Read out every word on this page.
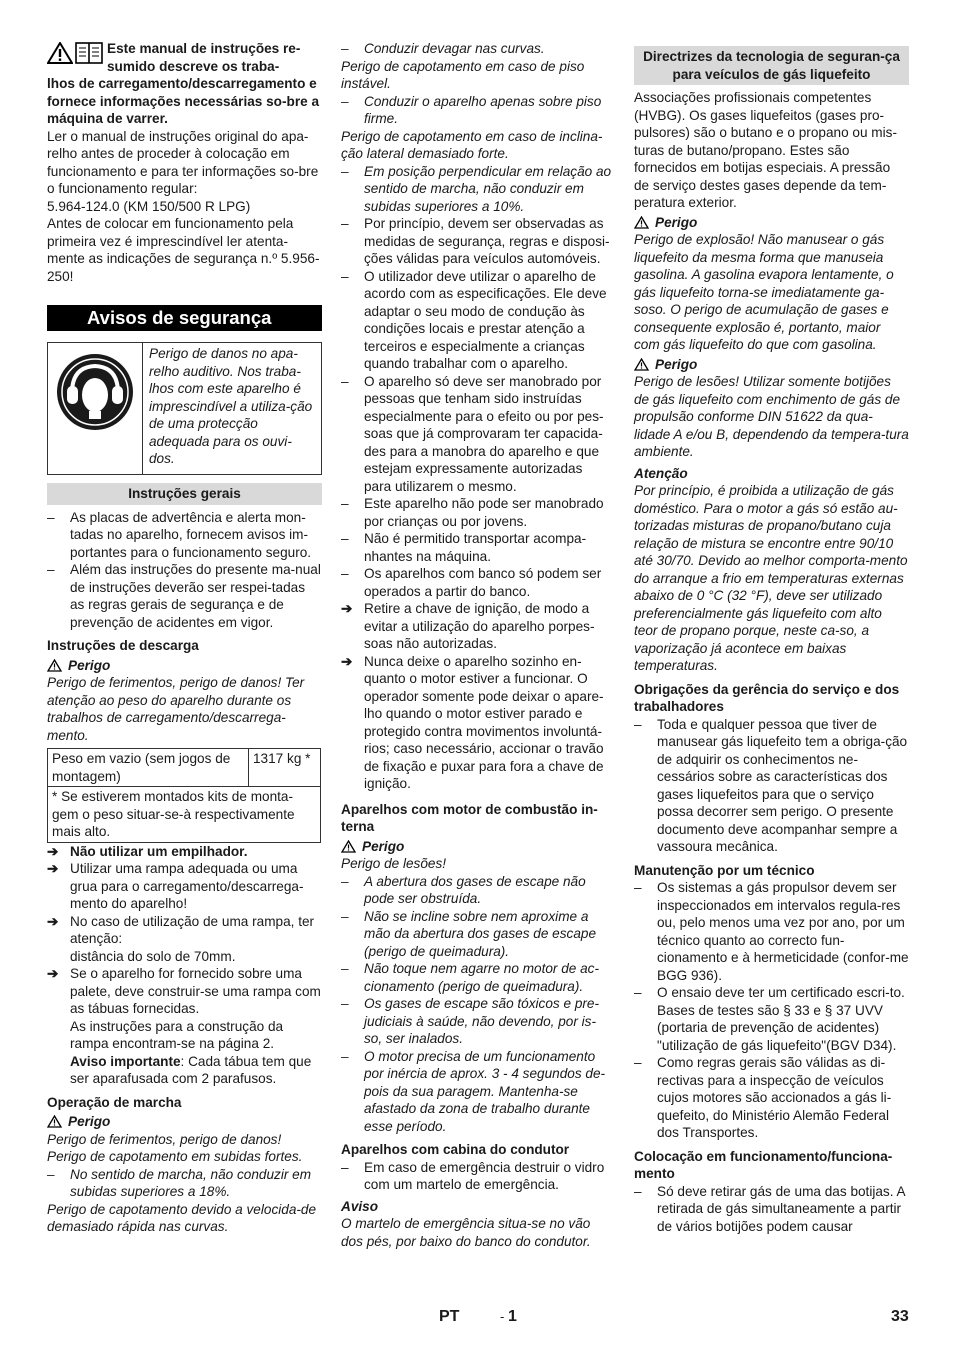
Este manual de instruções re-sumido descreve os traba-

lhos de carregamento/descarregamento e fornece informações necessárias so-bre a máquina de varrer.

Ler o manual de instruções original do apa-relho antes de proceder à colocação em funcionamento e para ter informações so-bre o funcionamento regular:

5.964-124.0 (KM 150/500 R LPG)

Antes de colocar em funcionamento pela primeira vez é imprescindível ler atenta-mente as indicações de segurança n.º 5.956-250!

Avisos de segurança
Perigo de danos no apa-relho auditivo. Nos traba-lhos com este aparelho é imprescindível a utiliza-ção de uma protecção adequada para os ouvi-dos.
Instruções gerais
–	As placas de advertência e alerta mon-tadas no aparelho, fornecem avisos im-portantes para o funcionamento seguro.
–	Além das instruções do presente ma-nual de instruções deverão ser respei-tadas as regras gerais de segurança e de prevenção de acidentes em vigor.

Instruções de descarga

Perigo

Perigo de ferimentos, perigo de danos! Ter atenção ao peso do aparelho durante os trabalhos de carregamento/descarrega-mento.

Peso em vazio (sem jogos de montagem)	1317 kg *
* Se estiverem montados kits de monta-gem o peso situar-se-à respectivamente mais alto.
➔ Não utilizar um empilhador.
➔ Utilizar uma rampa adequada ou uma grua para o carregamento/descarrega-mento do aparelho!
➔ No caso de utilização de uma rampa, ter atenção:
distância do solo de 70mm.
➔ Se o aparelho for fornecido sobre uma palete, deve construir-se uma rampa com as tábuas fornecidas.
As instruções para a construção da rampa encontram-se na página 2.
Aviso importante: Cada tábua tem que ser aparafusada com 2 parafusos.

Operação de marcha

Perigo

Perigo de ferimentos, perigo de danos!

Perigo de capotamento em subidas fortes.

–	No sentido de marcha, não conduzir em subidas superiores a 18%.

Perigo de capotamento devido a velocida-de demasiado rápida nas curvas.

–	Conduzir devagar nas curvas.

Perigo de capotamento em caso de piso instável.

–	Conduzir o aparelho apenas sobre piso firme.

Perigo de capotamento em caso de inclina-ção lateral demasiado forte.

–	Em posição perpendicular em relação ao sentido de marcha, não conduzir em subidas superiores a 10%.
–	Por princípio, devem ser observadas as medidas de segurança, regras e disposi-ções válidas para veículos automóveis.
–	O utilizador deve utilizar o aparelho de acordo com as especificações. Ele deve adaptar o seu modo de condução às condições locais e prestar atenção a terceiros e especialmente a crianças quando trabalhar com o aparelho.
–	O aparelho só deve ser manobrado por pessoas que tenham sido instruídas especialmente para o efeito ou por pes-soas que já comprovaram ter capacida-des para a manobra do aparelho e que estejam expressamente autorizadas para utilizarem o mesmo.
–	Este aparelho não pode ser manobrado por crianças ou por jovens.
–	Não é permitido transportar acompa-nhantes na máquina.
–	Os aparelhos com banco só podem ser operados a partir do banco.
➔ Retire a chave de ignição, de modo a evitar a utilização do aparelho porpes-soas não autorizadas.
➔ Nunca deixe o aparelho sozinho en-quanto o motor estiver a funcionar. O operador somente pode deixar o apare-lho quando o motor estiver parado e protegido contra movimentos involuntá-rios; caso necessário, accionar o travão de fixação e puxar para fora a chave de ignição.

Aparelhos com motor de combustão in-terna

Perigo

Perigo de lesões!

–	A abertura dos gases de escape não pode ser obstruída.
–	Não se incline sobre nem aproxime a mão da abertura dos gases de escape (perigo de queimadura).
–	Não toque nem agarre no motor de ac-cionamento (perigo de queimadura).
–	Os gases de escape são tóxicos e pre-judiciais à saúde, não devendo, por is-so, ser inalados.
–	O motor precisa de um funcionamento por inércia de aprox. 3 - 4 segundos de-pois da sua paragem. Mantenha-se afastado da zona de trabalho durante esse período.

Aparelhos com cabina do condutor

–	Em caso de emergência destruir o vidro com um martelo de emergência.

Aviso

O martelo de emergência situa-se no vão dos pés, por baixo do banco do condutor.

Directrizes da tecnologia de seguran-ça para veículos de gás liquefeito

Associações profissionais competentes (HVBG). Os gases liquefeitos (gases pro-pulsores) são o butano e o propano ou mis-turas de butano/propano. Estes são fornecidos em botijas especiais. A pressão de serviço destes gases depende da tem-peratura exterior.

Perigo

Perigo de explosão! Não manusear o gás liquefeito da mesma forma que manuseia gasolina. A gasolina evapora lentamente, o gás liquefeito torna-se imediatamente ga-soso. O perigo de acumulação de gases e consequente explosão é, portanto, maior com gás liquefeito do que com gasolina.

Perigo

Perigo de lesões! Utilizar somente botijões de gás liquefeito com enchimento de gás de propulsão conforme DIN 51622 da qua-lidade A e/ou B, dependendo da tempera-tura ambiente.

Atenção

Por princípio, é proibida a utilização de gás doméstico. Para o motor a gás só estão au-torizadas misturas de propano/butano cuja relação de mistura se encontre entre 90/10 até 30/70. Devido ao melhor comporta-mento do arranque a frio em temperaturas externas abaixo de 0 °C (32 °F), deve ser utilizado preferencialmente gás liquefeito com alto teor de propano porque, neste ca-so, a vaporização já acontece em baixas temperaturas.

Obrigações da gerência do serviço e dos trabalhadores

–	Toda e qualquer pessoa que tiver de manusear gás liquefeito tem a obriga-ção de adquirir os conhecimentos ne-cessários sobre as características dos gases liquefeitos para que o serviço possa decorrer sem perigo. O presente documento deve acompanhar sempre a vassoura mecânica.

Manutenção por um técnico

–	Os sistemas a gás propulsor devem ser inspeccionados em intervalos regula-res ou, pelo menos uma vez por ano, por um técnico quanto ao correcto fun-cionamento e à hermeticidade (confor-me BGG 936).
–	O ensaio deve ter um certificado escri-to. Bases de testes são § 33 e § 37 UVV (portaria de prevenção de acidentes) "utilização de gás liquefeito"(BGV D34).
–	Como regras gerais são válidas as di-rectivas para a inspecção de veículos cujos motores são accionados a gás li-quefeito, do Ministério Alemão Federal dos Transportes.

Colocação em funcionamento/funciona-mento

–	Só deve retirar gás de uma das botijas. A retirada de gás simultaneamente a partir de vários botijões podem causar
PT	- 1	33
